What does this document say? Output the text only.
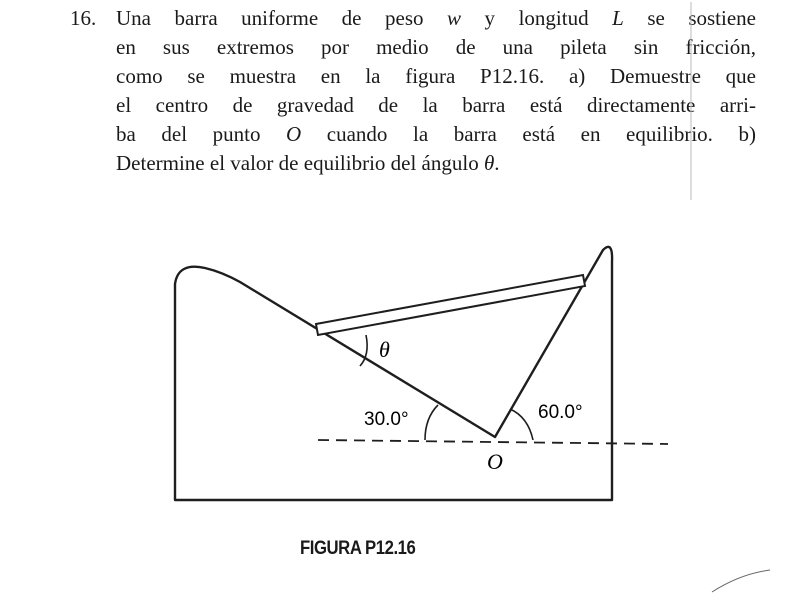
16. Una barra uniforme de peso w y longitud L se sostiene
en sus extremos por medio de una pileta sin fricción,
como se muestra en la figura P12.16. a) Demuestre que
el centro de gravedad de la barra está directamente arri-
ba del punto O cuando la barra está en equilibrio. b)
Determine el valor de equilibrio del ángulo θ.
θ
30.0°	60.0°
O
FIGURA P12.16
